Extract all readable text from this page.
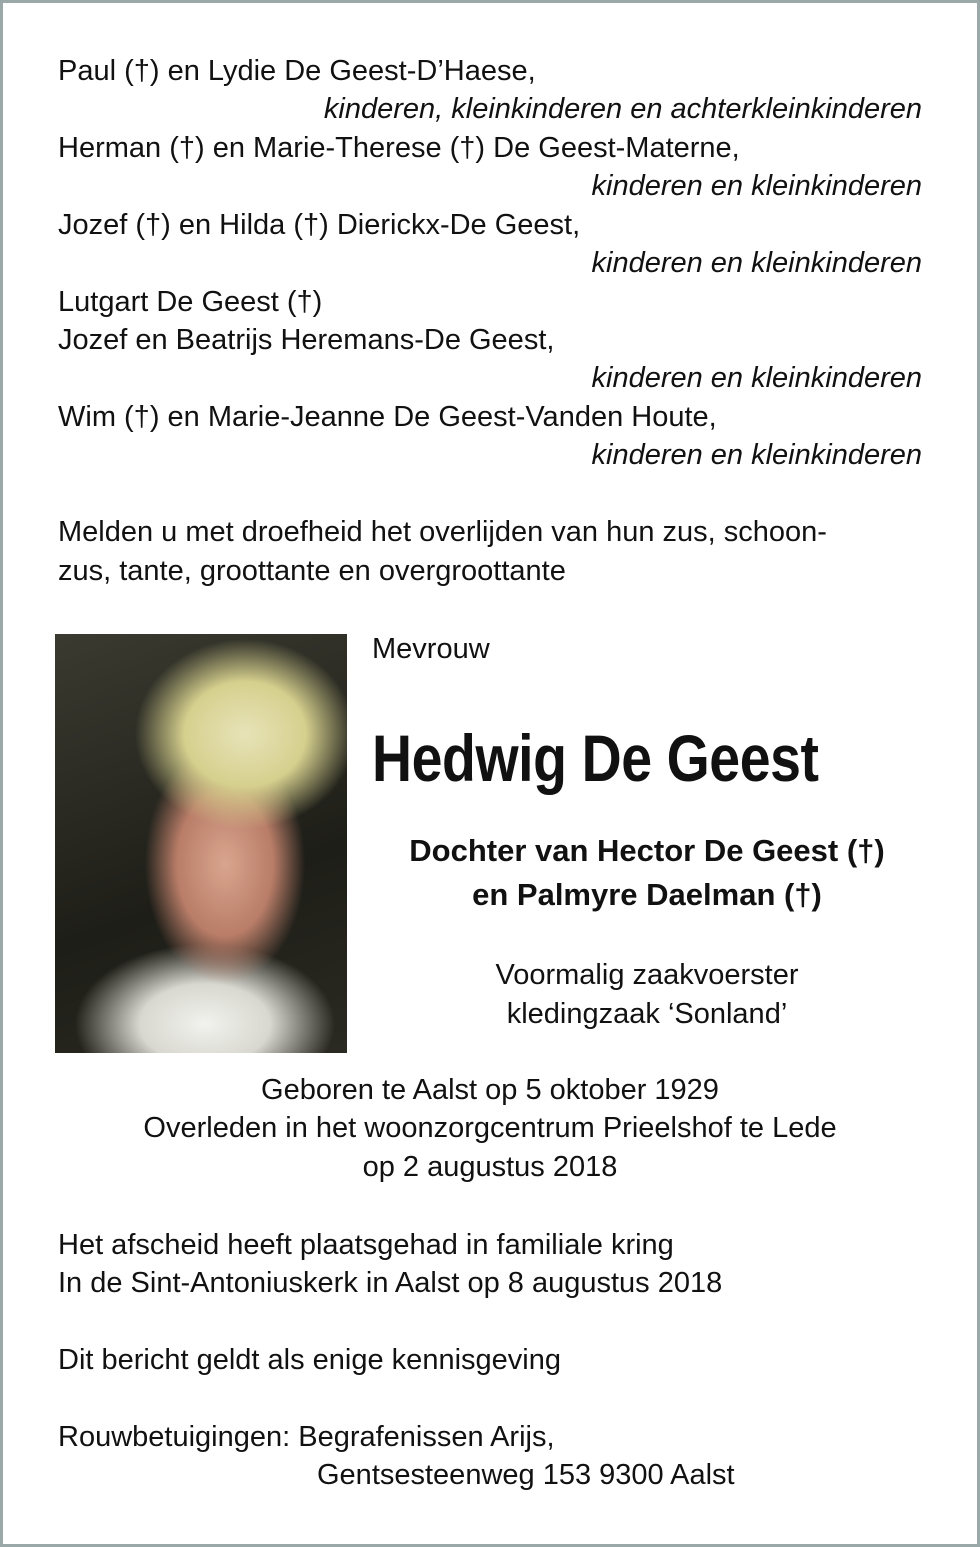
Paul (†) en Lydie De Geest-D’Haese,
kinderen, kleinkinderen en achterkleinkinderen
Herman (†) en Marie-Therese (†) De Geest-Materne,
kinderen en kleinkinderen
Jozef (†) en Hilda (†) Dierickx-De Geest,
kinderen en kleinkinderen
Lutgart De Geest (†)
Jozef en Beatrijs Heremans-De Geest,
kinderen en kleinkinderen
Wim (†) en Marie-Jeanne De Geest-Vanden Houte,
kinderen en kleinkinderen
Melden u met droefheid het overlijden van hun zus, schoon-
zus, tante, groottante en overgroottante
Mevrouw
Hedwig De Geest
Dochter van Hector De Geest (†)
en Palmyre Daelman (†)
Voormalig zaakvoerster
kledingzaak ‘Sonland’
Geboren te Aalst op 5 oktober 1929
Overleden in het woonzorgcentrum Prieelshof te Lede
op 2 augustus 2018
Het afscheid heeft plaatsgehad in familiale kring
In de Sint-Antoniuskerk in Aalst op 8 augustus 2018
Dit bericht geldt als enige kennisgeving
Rouwbetuigingen: Begrafenissen Arijs,
Gentsesteenweg 153 9300 Aalst
